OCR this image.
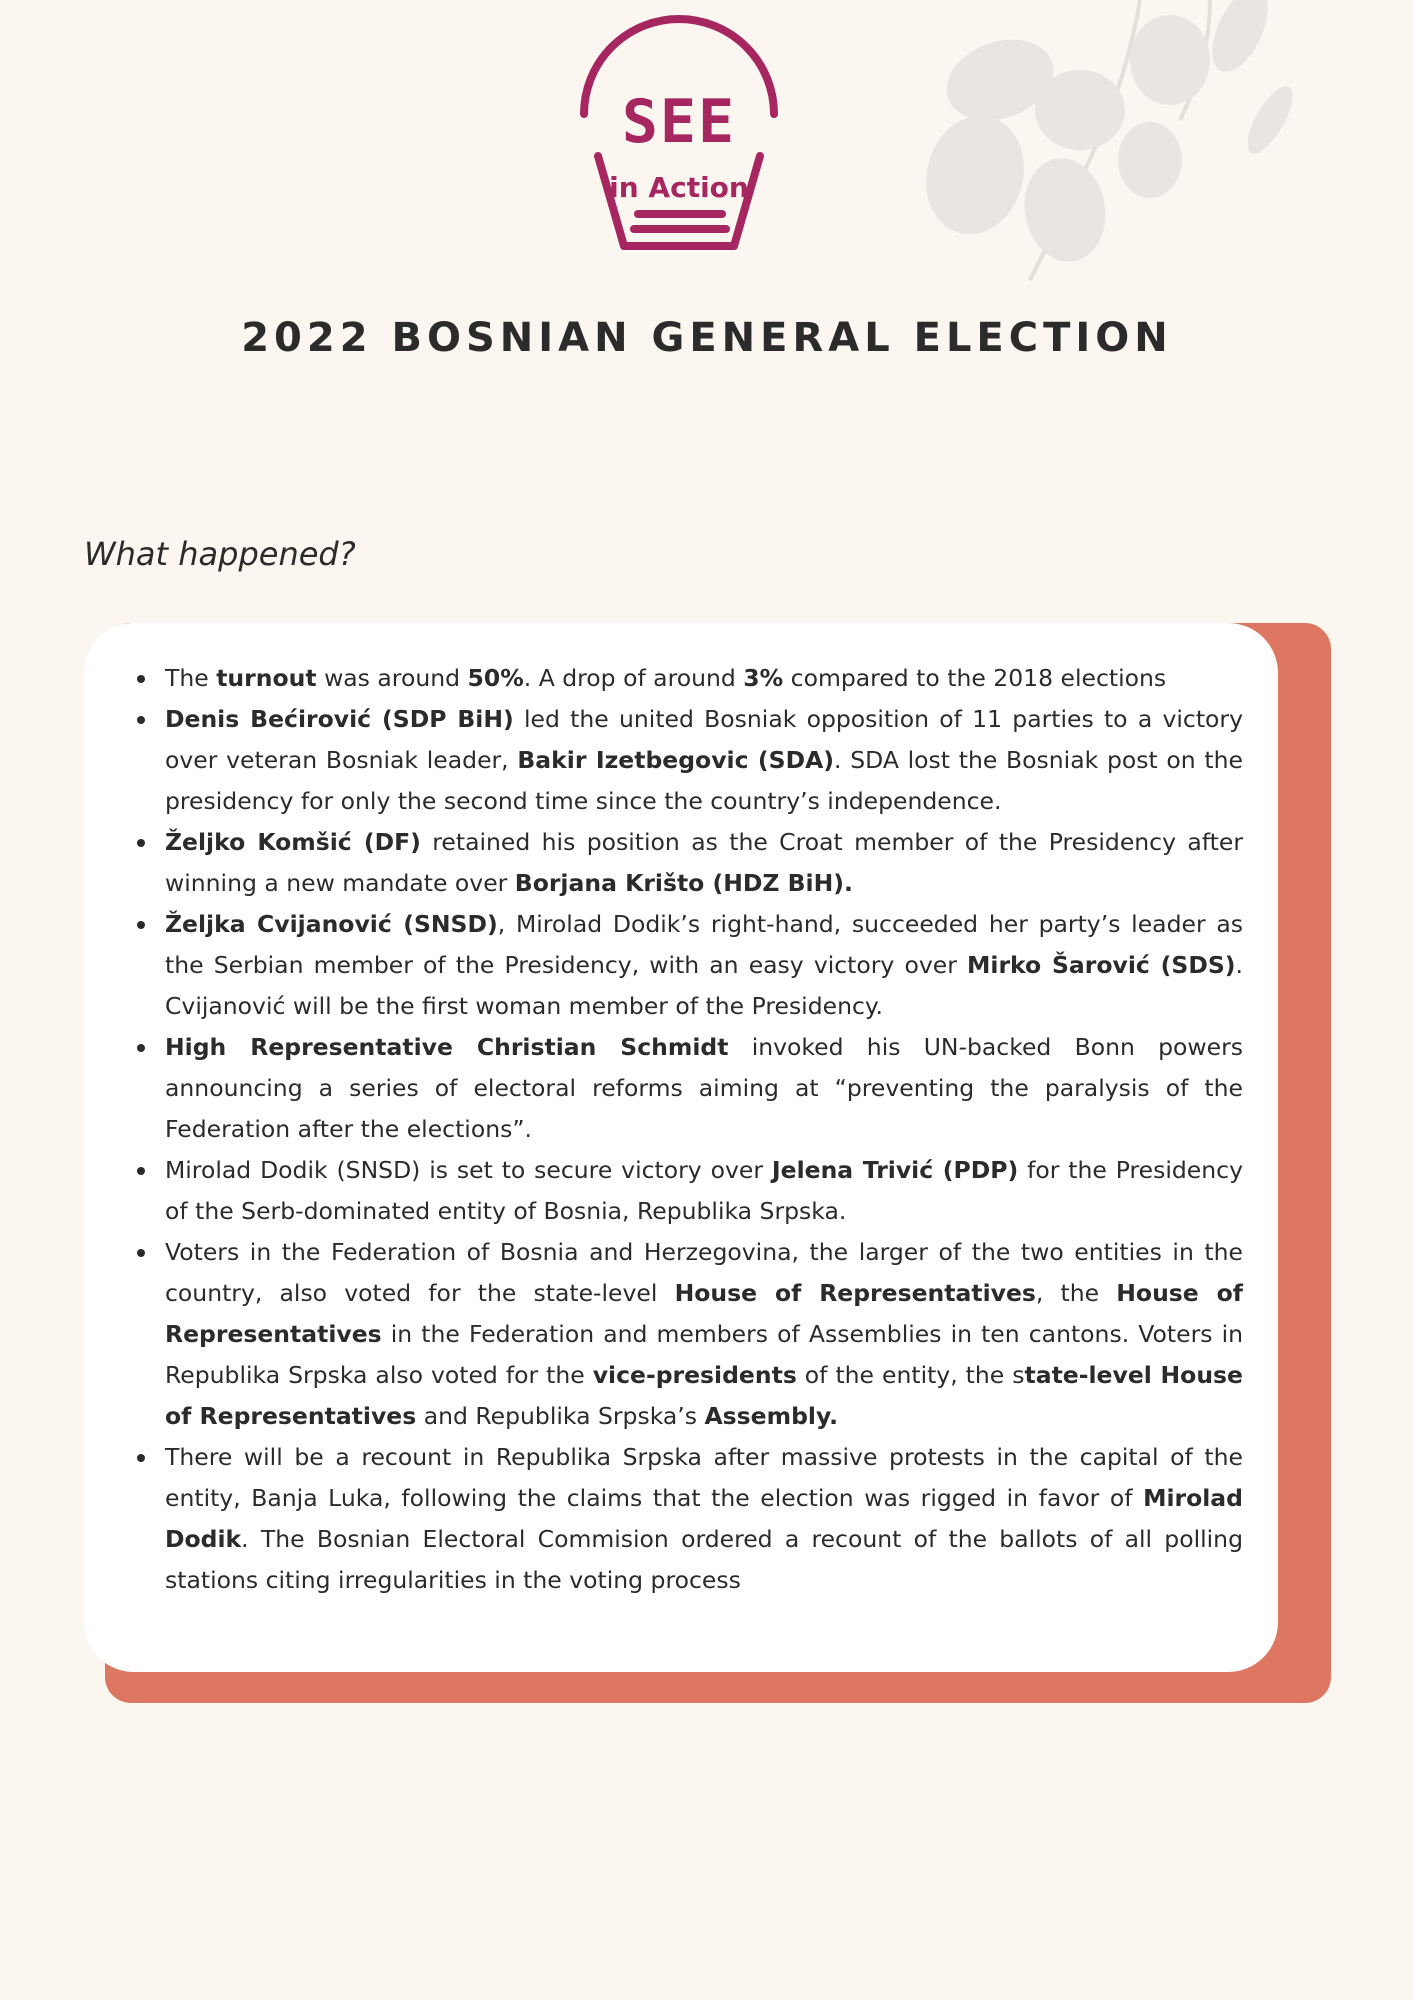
SEE
in Action
2022 BOSNIAN GENERAL ELECTION
What happened?
The turnout was around 50%. A drop of around 3% compared to the 2018 elections
Denis Bećirović (SDP BiH) led the united Bosniak opposition of 11 parties to a victory over veteran Bosniak leader, Bakir Izetbegovic (SDA). SDA lost the Bosniak post on the presidency for only the second time since the country’s independence.
Željko Komšić (DF) retained his position as the Croat member of the Presidency after winning a new mandate over Borjana Krišto (HDZ BiH).
Željka Cvijanović (SNSD), Mirolad Dodik’s right-hand, succeeded her party’s leader as the Serbian member of the Presidency, with an easy victory over Mirko Šarović (SDS). Cvijanović will be the first woman member of the Presidency.
High Representative Christian Schmidt invoked his UN-backed Bonn powers announcing a series of electoral reforms aiming at “preventing the paralysis of the Federation after the elections”.
Mirolad Dodik (SNSD) is set to secure victory over Jelena Trivić (PDP) for the Presidency of the Serb-dominated entity of Bosnia, Republika Srpska.
Voters in the Federation of Bosnia and Herzegovina, the larger of the two entities in the country, also voted for the state-level House of Representatives, the House of Representatives in the Federation and members of Assemblies in ten cantons. Voters in Republika Srpska also voted for the vice-presidents of the entity, the state-level House of Representatives and Republika Srpska’s Assembly.
There will be a recount in Republika Srpska after massive protests in the capital of the entity, Banja Luka, following the claims that the election was rigged in favor of Mirolad Dodik. The Bosnian Electoral Commision ordered a recount of the ballots of all polling stations citing irregularities in the voting process
